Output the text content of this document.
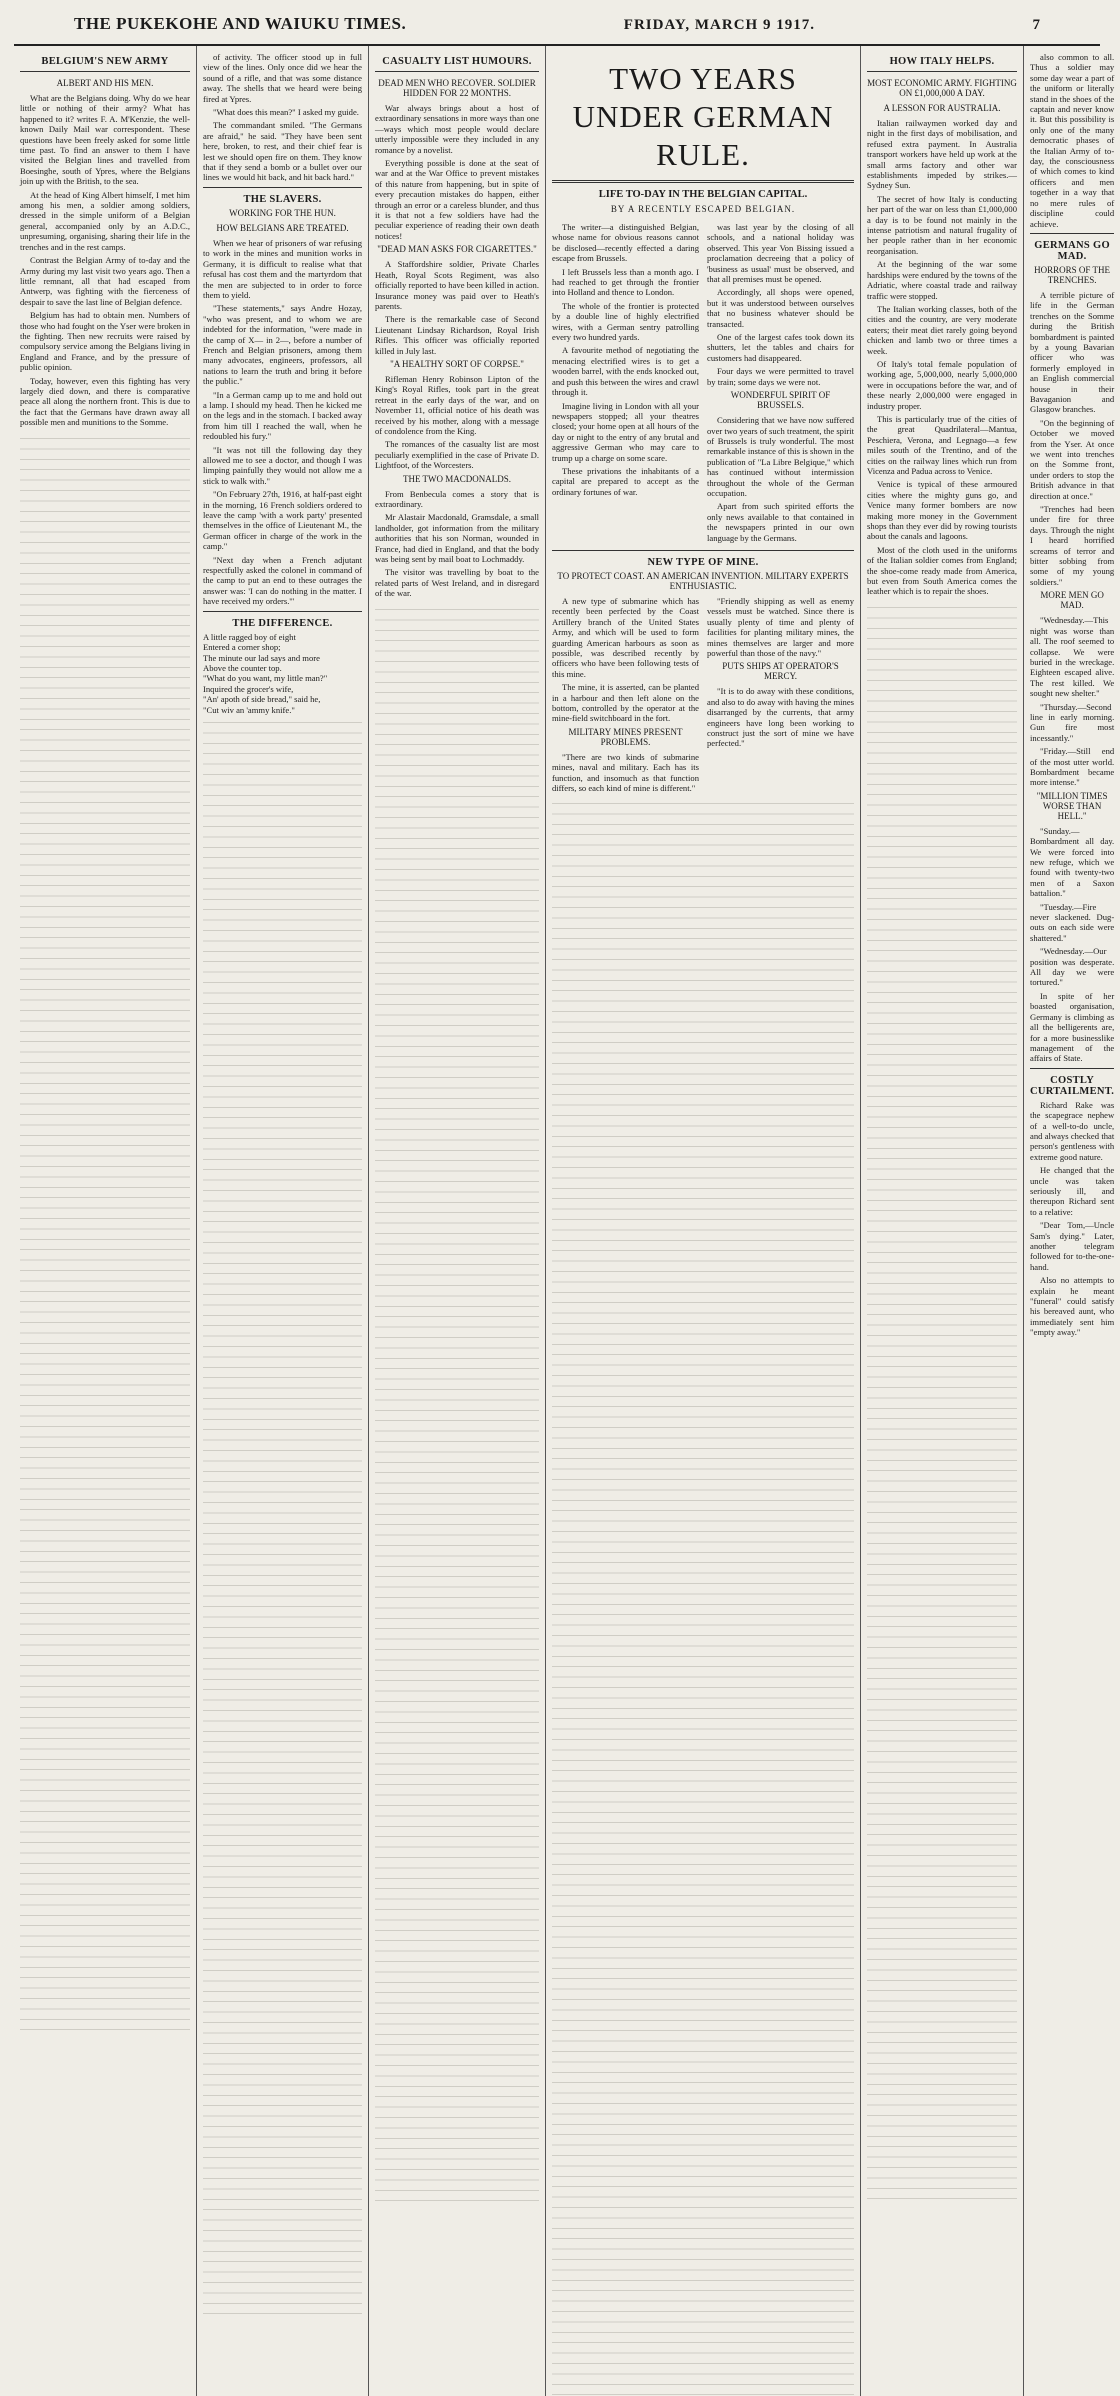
THE PUKEKOHE AND WAIUKU TIMES.	FRIDAY, MARCH 9 1917.	7
BELGIUM'S NEW ARMY
ALBERT AND HIS MEN.

What are the Belgians doing. Why do we hear little or nothing of their army? What has happened to it? writes F. A. M'Kenzie, the well-known Daily Mail war correspondent. These questions have been freely asked for some little time past. To find an answer to them I have visited the Belgian lines and travelled from Boesinghe, south of Ypres, where the Belgians join up with the British, to the sea.

At the head of King Albert himself, I met him among his men, a soldier among soldiers, dressed in the simple uniform of a Belgian general, accompanied only by an A.D.C., unpresuming, organising, sharing their life in the trenches and in the rest camps.

Contrast the Belgian Army of to-day and the Army during my last visit two years ago. Then a little remnant, all that had escaped from Antwerp, was fighting with the fierceness of despair to save the last line of Belgian defence.

Belgium has had to obtain men. Numbers of those who had fought on the Yser were broken in the fighting. Then new recruits were raised by compulsory service among the Belgians living in England and France, and by the pressure of public opinion.

Today, however, even this fighting has very largely died down, and there is comparative peace all along the northern front. This is due to the fact that the Germans have drawn away all possible men and munitions to the Somme.

of activity. The officer stood up in full view of the lines. Only once did we hear the sound of a rifle, and that was some distance away. The shells that we heard were being fired at Ypres.

"What does this mean?" I asked my guide.

The commandant smiled. "The Germans are afraid," he said. "They have been sent here, broken, to rest, and their chief fear is lest we should open fire on them. They know that if they send a bomb or a bullet over our lines we would hit back, and hit back hard."

THE SLAVERS.
WORKING FOR THE HUN.
HOW BELGIANS ARE TREATED.

When we hear of prisoners of war refusing to work in the mines and munition works in Germany, it is difficult to realise what that refusal has cost them and the martyrdom that the men are subjected to in order to force them to yield.

"These statements," says Andre Hozay, "who was present, and to whom we are indebted for the information, "were made in the camp of X— in 2—, before a number of French and Belgian prisoners, among them many advocates, engineers, professors, all nations to learn the truth and bring it before the public."

"In a German camp up to me and hold out a lamp. I should my head. Then he kicked me on the legs and in the stomach. I backed away from him till I reached the wall, when he redoubled his fury."

"It was not till the following day they allowed me to see a doctor, and though I was limping painfully they would not allow me a stick to walk with."

"On February 27th, 1916, at half-past eight in the morning, 16 French soldiers ordered to leave the camp 'with a work party' presented themselves in the office of Lieutenant M., the German officer in charge of the work in the camp."

"Next day when a French adjutant respectfully asked the colonel in command of the camp to put an end to these outrages the answer was: 'I can do nothing in the matter. I have received my orders.'"

THE DIFFERENCE.
A little ragged boy of eight
Entered a corner shop;
The minute our lad says and more
Above the counter top.
"What do you want, my little man?"
Inquired the grocer's wife,
"An' apoth of side bread," said he,
"Cut wiv an 'ammy knife."
CASUALTY LIST HUMOURS.
DEAD MEN WHO RECOVER. SOLDIER HIDDEN FOR 22 MONTHS.

War always brings about a host of extraordinary sensations in more ways than one—ways which most people would declare utterly impossible were they included in any romance by a novelist.

Everything possible is done at the seat of war and at the War Office to prevent mistakes of this nature from happening, but in spite of every precaution mistakes do happen, either through an error or a careless blunder, and thus it is that not a few soldiers have had the peculiar experience of reading their own death notices!

"DEAD MAN ASKS FOR CIGARETTES."

A Staffordshire soldier, Private Charles Heath, Royal Scots Regiment, was also officially reported to have been killed in action. Insurance money was paid over to Heath's parents.

There is the remarkable case of Second Lieutenant Lindsay Richardson, Royal Irish Rifles. This officer was officially reported killed in July last.

"A HEALTHY SORT OF CORPSE."

Rifleman Henry Robinson Lipton of the King's Royal Rifles, took part in the great retreat in the early days of the war, and on November 11, official notice of his death was received by his mother, along with a message of condolence from the King.

The romances of the casualty list are most peculiarly exemplified in the case of Private D. Lightfoot, of the Worcesters.

THE TWO MACDONALDS.

From Benbecula comes a story that is extraordinary.

Mr Alastair Macdonald, Gramsdale, a small landholder, got information from the military authorities that his son Norman, wounded in France, had died in England, and that the body was being sent by mail boat to Lochmaddy.

The visitor was travelling by boat to the related parts of West Ireland, and in disregard of the war.

TWO YEARS UNDER GERMAN RULE.
LIFE TO-DAY IN THE BELGIAN CAPITAL.
BY A RECENTLY ESCAPED BELGIAN.

The writer—a distinguished Belgian, whose name for obvious reasons cannot be disclosed—recently effected a daring escape from Brussels.

I left Brussels less than a month ago. I had reached to get through the frontier into Holland and thence to London.

The whole of the frontier is protected by a double line of highly electrified wires, with a German sentry patrolling every two hundred yards.

A favourite method of negotiating the menacing electrified wires is to get a wooden barrel, with the ends knocked out, and push this between the wires and crawl through it.

Imagine living in London with all your newspapers stopped; all your theatres closed; your home open at all hours of the day or night to the entry of any brutal and aggressive German who may care to trump up a charge on some scare.

These privations the inhabitants of a capital are prepared to accept as the ordinary fortunes of war.

was last year by the closing of all schools, and a national holiday was observed. This year Von Bissing issued a proclamation decreeing that a policy of 'business as usual' must be observed, and that all premises must be opened.

Accordingly, all shops were opened, but it was understood between ourselves that no business whatever should be transacted.

One of the largest cafes took down its shutters, let the tables and chairs for customers had disappeared.

Four days we were permitted to travel by train; some days we were not.

WONDERFUL SPIRIT OF BRUSSELS.

Considering that we have now suffered over two years of such treatment, the spirit of Brussels is truly wonderful. The most remarkable instance of this is shown in the publication of "La Libre Belgique," which has continued without intermission throughout the whole of the German occupation.

Apart from such spirited efforts the only news available to that contained in the newspapers printed in our own language by the Germans.

NEW TYPE OF MINE.
TO PROTECT COAST. AN AMERICAN INVENTION. MILITARY EXPERTS ENTHUSIASTIC.

A new type of submarine which has recently been perfected by the Coast Artillery branch of the United States Army, and which will be used to form guarding American harbours as soon as possible, was described recently by officers who have been following tests of this mine.

The mine, it is asserted, can be planted in a harbour and then left alone on the bottom, controlled by the operator at the mine-field switchboard in the fort.

MILITARY MINES PRESENT PROBLEMS.

"There are two kinds of submarine mines, naval and military. Each has its function, and insomuch as that function differs, so each kind of mine is different."

"Friendly shipping as well as enemy vessels must be watched. Since there is usually plenty of time and plenty of facilities for planting military mines, the mines themselves are larger and more powerful than those of the navy."

PUTS SHIPS AT OPERATOR'S MERCY.

"It is to do away with these conditions, and also to do away with having the mines disarranged by the currents, that army engineers have long been working to construct just the sort of mine we have perfected."

HOW ITALY HELPS.
MOST ECONOMIC ARMY. FIGHTING ON £1,000,000 A DAY.
A LESSON FOR AUSTRALIA.

Italian railwaymen worked day and night in the first days of mobilisation, and refused extra payment. In Australia transport workers have held up work at the small arms factory and other war establishments impeded by strikes.—Sydney Sun.

The secret of how Italy is conducting her part of the war on less than £1,000,000 a day is to be found not mainly in the intense patriotism and natural frugality of her people rather than in her economic reorganisation.

At the beginning of the war some hardships were endured by the towns of the Adriatic, where coastal trade and railway traffic were stopped.

The Italian working classes, both of the cities and the country, are very moderate eaters; their meat diet rarely going beyond chicken and lamb two or three times a week.

Of Italy's total female population of working age, 5,000,000, nearly 5,000,000 were in occupations before the war, and of these nearly 2,000,000 were engaged in industry proper.

This is particularly true of the cities of the great Quadrilateral—Mantua, Peschiera, Verona, and Legnago—a few miles south of the Trentino, and of the cities on the railway lines which run from Vicenza and Padua across to Venice.

Venice is typical of these armoured cities where the mighty guns go, and Venice many former bombers are now making more money in the Government shops than they ever did by rowing tourists about the canals and lagoons.

Most of the cloth used in the uniforms of the Italian soldier comes from England; the shoe-come ready made from America, but even from South America comes the leather which is to repair the shoes.

also common to all. Thus a soldier may some day wear a part of the uniform or literally stand in the shoes of the captain and never know it. But this possibility is only one of the many democratic phases of the Italian Army of to-day, the consciousness of which comes to kind officers and men together in a way that no mere rules of discipline could achieve.

GERMANS GO MAD.
HORRORS OF THE TRENCHES.

A terrible picture of life in the German trenches on the Somme during the British bombardment is painted by a young Bavarian officer who was formerly employed in an English commercial house in their Bavaganion and Glasgow branches.

"On the beginning of October we moved from the Yser. At once we went into trenches on the Somme front, under orders to stop the British advance in that direction at once."

"Trenches had been under fire for three days. Through the night I heard horrified screams of terror and bitter sobbing from some of my young soldiers."

MORE MEN GO MAD.

"Wednesday.—This night was worse than all. The roof seemed to collapse. We were buried in the wreckage. Eighteen escaped alive. The rest killed. We sought new shelter."

"Thursday.—Second line in early morning. Gun fire most incessantly."

"Friday.—Still end of the most utter world. Bombardment became more intense."

"MILLION TIMES WORSE THAN HELL."

"Sunday.—Bombardment all day. We were forced into new refuge, which we found with twenty-two men of a Saxon battalion."

"Tuesday.—Fire never slackened. Dug-outs on each side were shattered."

"Wednesday.—Our position was desperate. All day we were tortured."

In spite of her boasted organisation, Germany is climbing as all the belligerents are, for a more businesslike management of the affairs of State.

COSTLY CURTAILMENT.

Richard Rake was the scapegrace nephew of a well-to-do uncle, and always checked that person's gentleness with extreme good nature.

He changed that the uncle was taken seriously ill, and thereupon Richard sent to a relative:

"Dear Tom,—Uncle Sam's dying." Later, another telegram followed for to-the-one-hand.

Also no attempts to explain he meant "funeral" could satisfy his bereaved aunt, who immediately sent him "empty away."
